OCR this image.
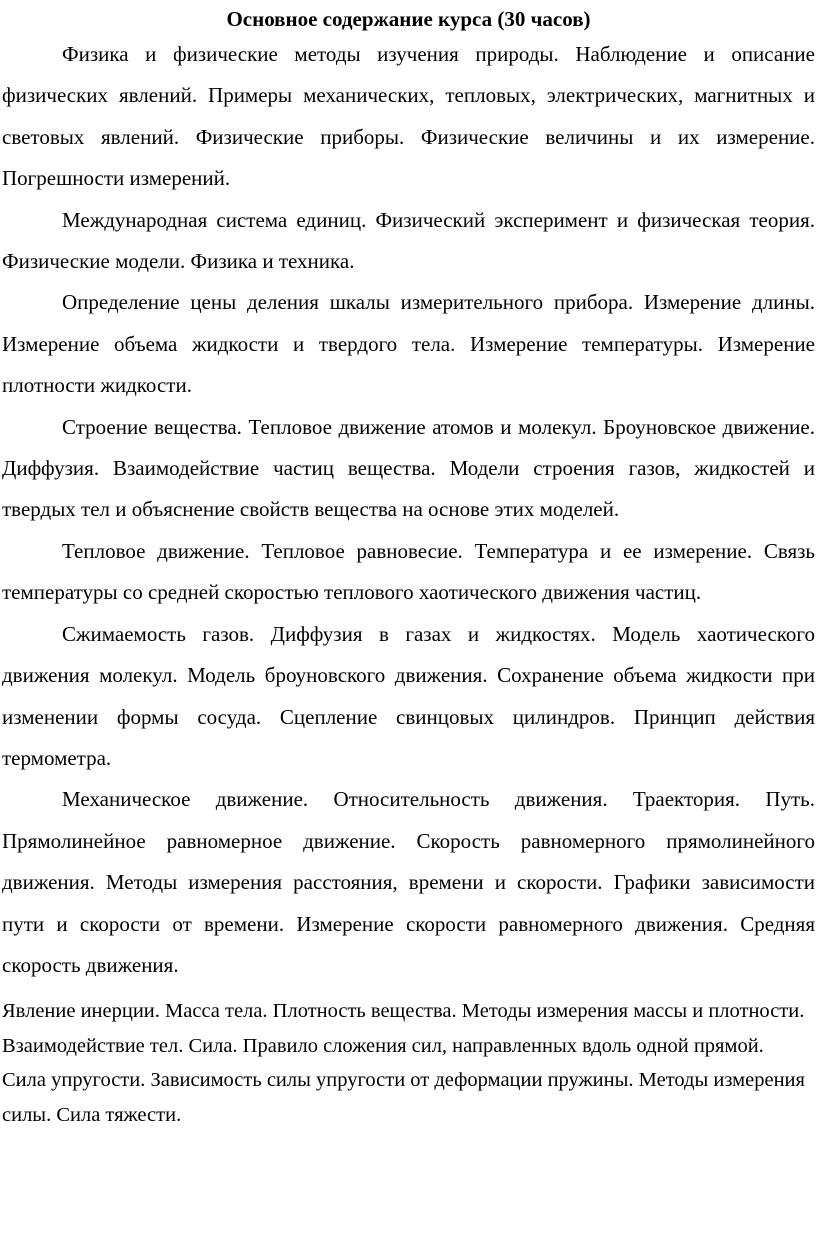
Основное содержание курса (30 часов)

Физика и физические методы изучения природы. Наблюдение и описание физических явлений. Примеры механических, тепловых, электрических, магнитных и световых явлений. Физические приборы. Физические величины и их измерение. Погрешности измерений.

Международная система единиц. Физический эксперимент и физическая теория. Физические модели. Физика и техника.

Определение цены деления шкалы измерительного прибора. Измерение длины. Измерение объема жидкости и твердого тела. Измерение температуры. Измерение плотности жидкости.

Строение вещества. Тепловое движение атомов и молекул. Броуновское движение. Диффузия. Взаимодействие частиц вещества. Модели строения газов, жидкостей и твердых тел и объяснение свойств вещества на основе этих моделей.

Тепловое движение. Тепловое равновесие. Температура и ее измерение. Связь температуры со средней скоростью теплового хаотического движения частиц.

Сжимаемость газов. Диффузия в газах и жидкостях. Модель хаотического движения молекул. Модель броуновского движения. Сохранение объема жидкости при изменении формы сосуда. Сцепление свинцовых цилиндров. Принцип действия термометра.

Механическое движение. Относительность движения. Траектория. Путь. Прямолинейное равномерное движение. Скорость равномерного прямолинейного движения. Методы измерения расстояния, времени и скорости. Графики зависимости пути и скорости от времени. Измерение скорости равномерного движения. Средняя скорость движения.

Явление инерции. Масса тела. Плотность вещества. Методы измерения массы и плотности. Взаимодействие тел. Сила. Правило сложения сил, направленных вдоль одной прямой. Сила упругости. Зависимость силы упругости от деформации пружины. Методы измерения силы. Сила тяжести.
